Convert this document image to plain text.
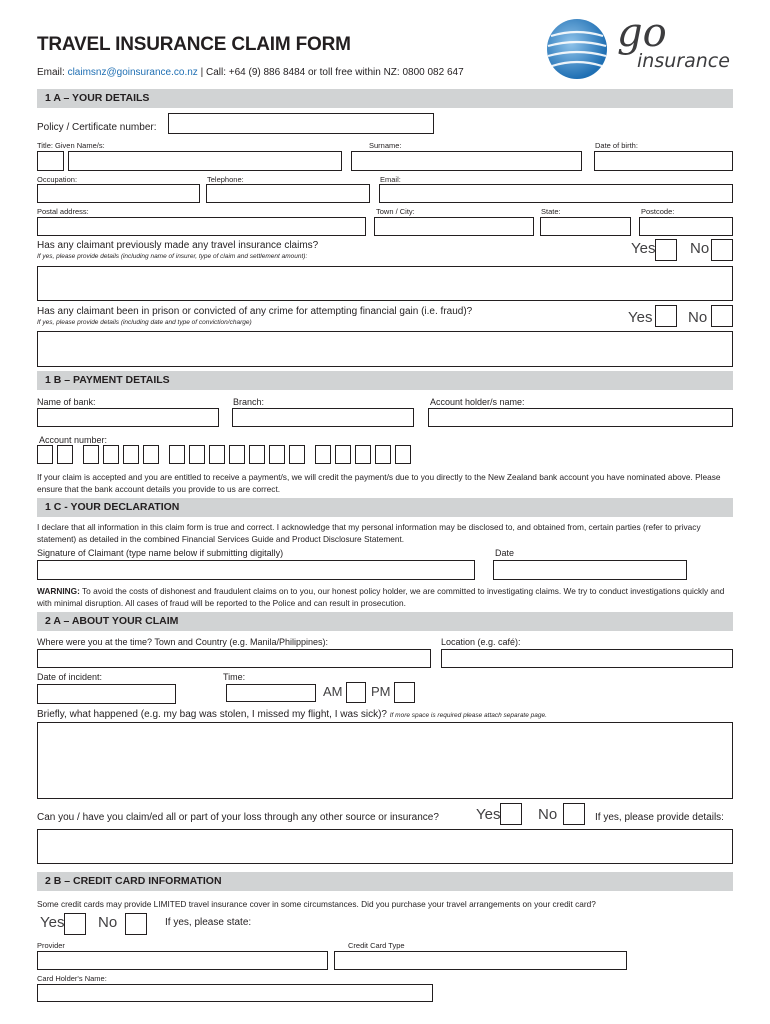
TRAVEL INSURANCE CLAIM FORM
Email: claimsnz@goinsurance.co.nz | Call: +64 (9) 886 8484 or toll free within NZ: 0800 082 647
go
insurance
1 A – YOUR DETAILS
Policy / Certificate number:
Title: Given Name/s:	Surname:	Date of birth:
Occupation:	Telephone:	Email:
Postal address:	Town / City:	State:	Postcode:
Has any claimant previously made any travel insurance claims?
If yes, please provide details (including name of insurer, type of claim and settlement amount):	Yes No
Has any claimant been in prison or convicted of any crime for attempting financial gain (i.e. fraud)?
If yes, please provide details (including date and type of conviction/charge)	Yes No
1 B – PAYMENT DETAILS
Name of bank:	Branch:	Account holder/s name:
Account number:
If your claim is accepted and you are entitled to receive a payment/s, we will credit the payment/s due to you directly to the New Zealand bank account you have nominated above. Please ensure that the bank account details you provide to us are correct.
1 C - YOUR DECLARATION
I declare that all information in this claim form is true and correct. I acknowledge that my personal information may be disclosed to, and obtained from, certain parties (refer to privacy statement) as detailed in the combined Financial Services Guide and Product Disclosure Statement.
Signature of Claimant (type name below if submitting digitally)	Date
WARNING: To avoid the costs of dishonest and fraudulent claims on to you, our honest policy holder, we are committed to investigating claims. We try to conduct investigations quickly and with minimal disruption. All cases of fraud will be reported to the Police and can result in prosecution.
2 A – ABOUT YOUR CLAIM
Where were you at the time? Town and Country (e.g. Manila/Philippines):	Location (e.g. café):
Date of incident:	Time:
AM PM
Briefly, what happened (e.g. my bag was stolen, I missed my flight, I was sick)? If more space is required please attach separate page.
Can you / have you claim/ed all or part of your loss through any other source or insurance? Yes	No	If yes, please provide details:
2 B – CREDIT CARD INFORMATION
Some credit cards may provide LIMITED travel insurance cover in some circumstances. Did you purchase your travel arrangements on your credit card?
Yes No	If yes, please state:
Provider	Credit Card Type
Card Holder's Name:
